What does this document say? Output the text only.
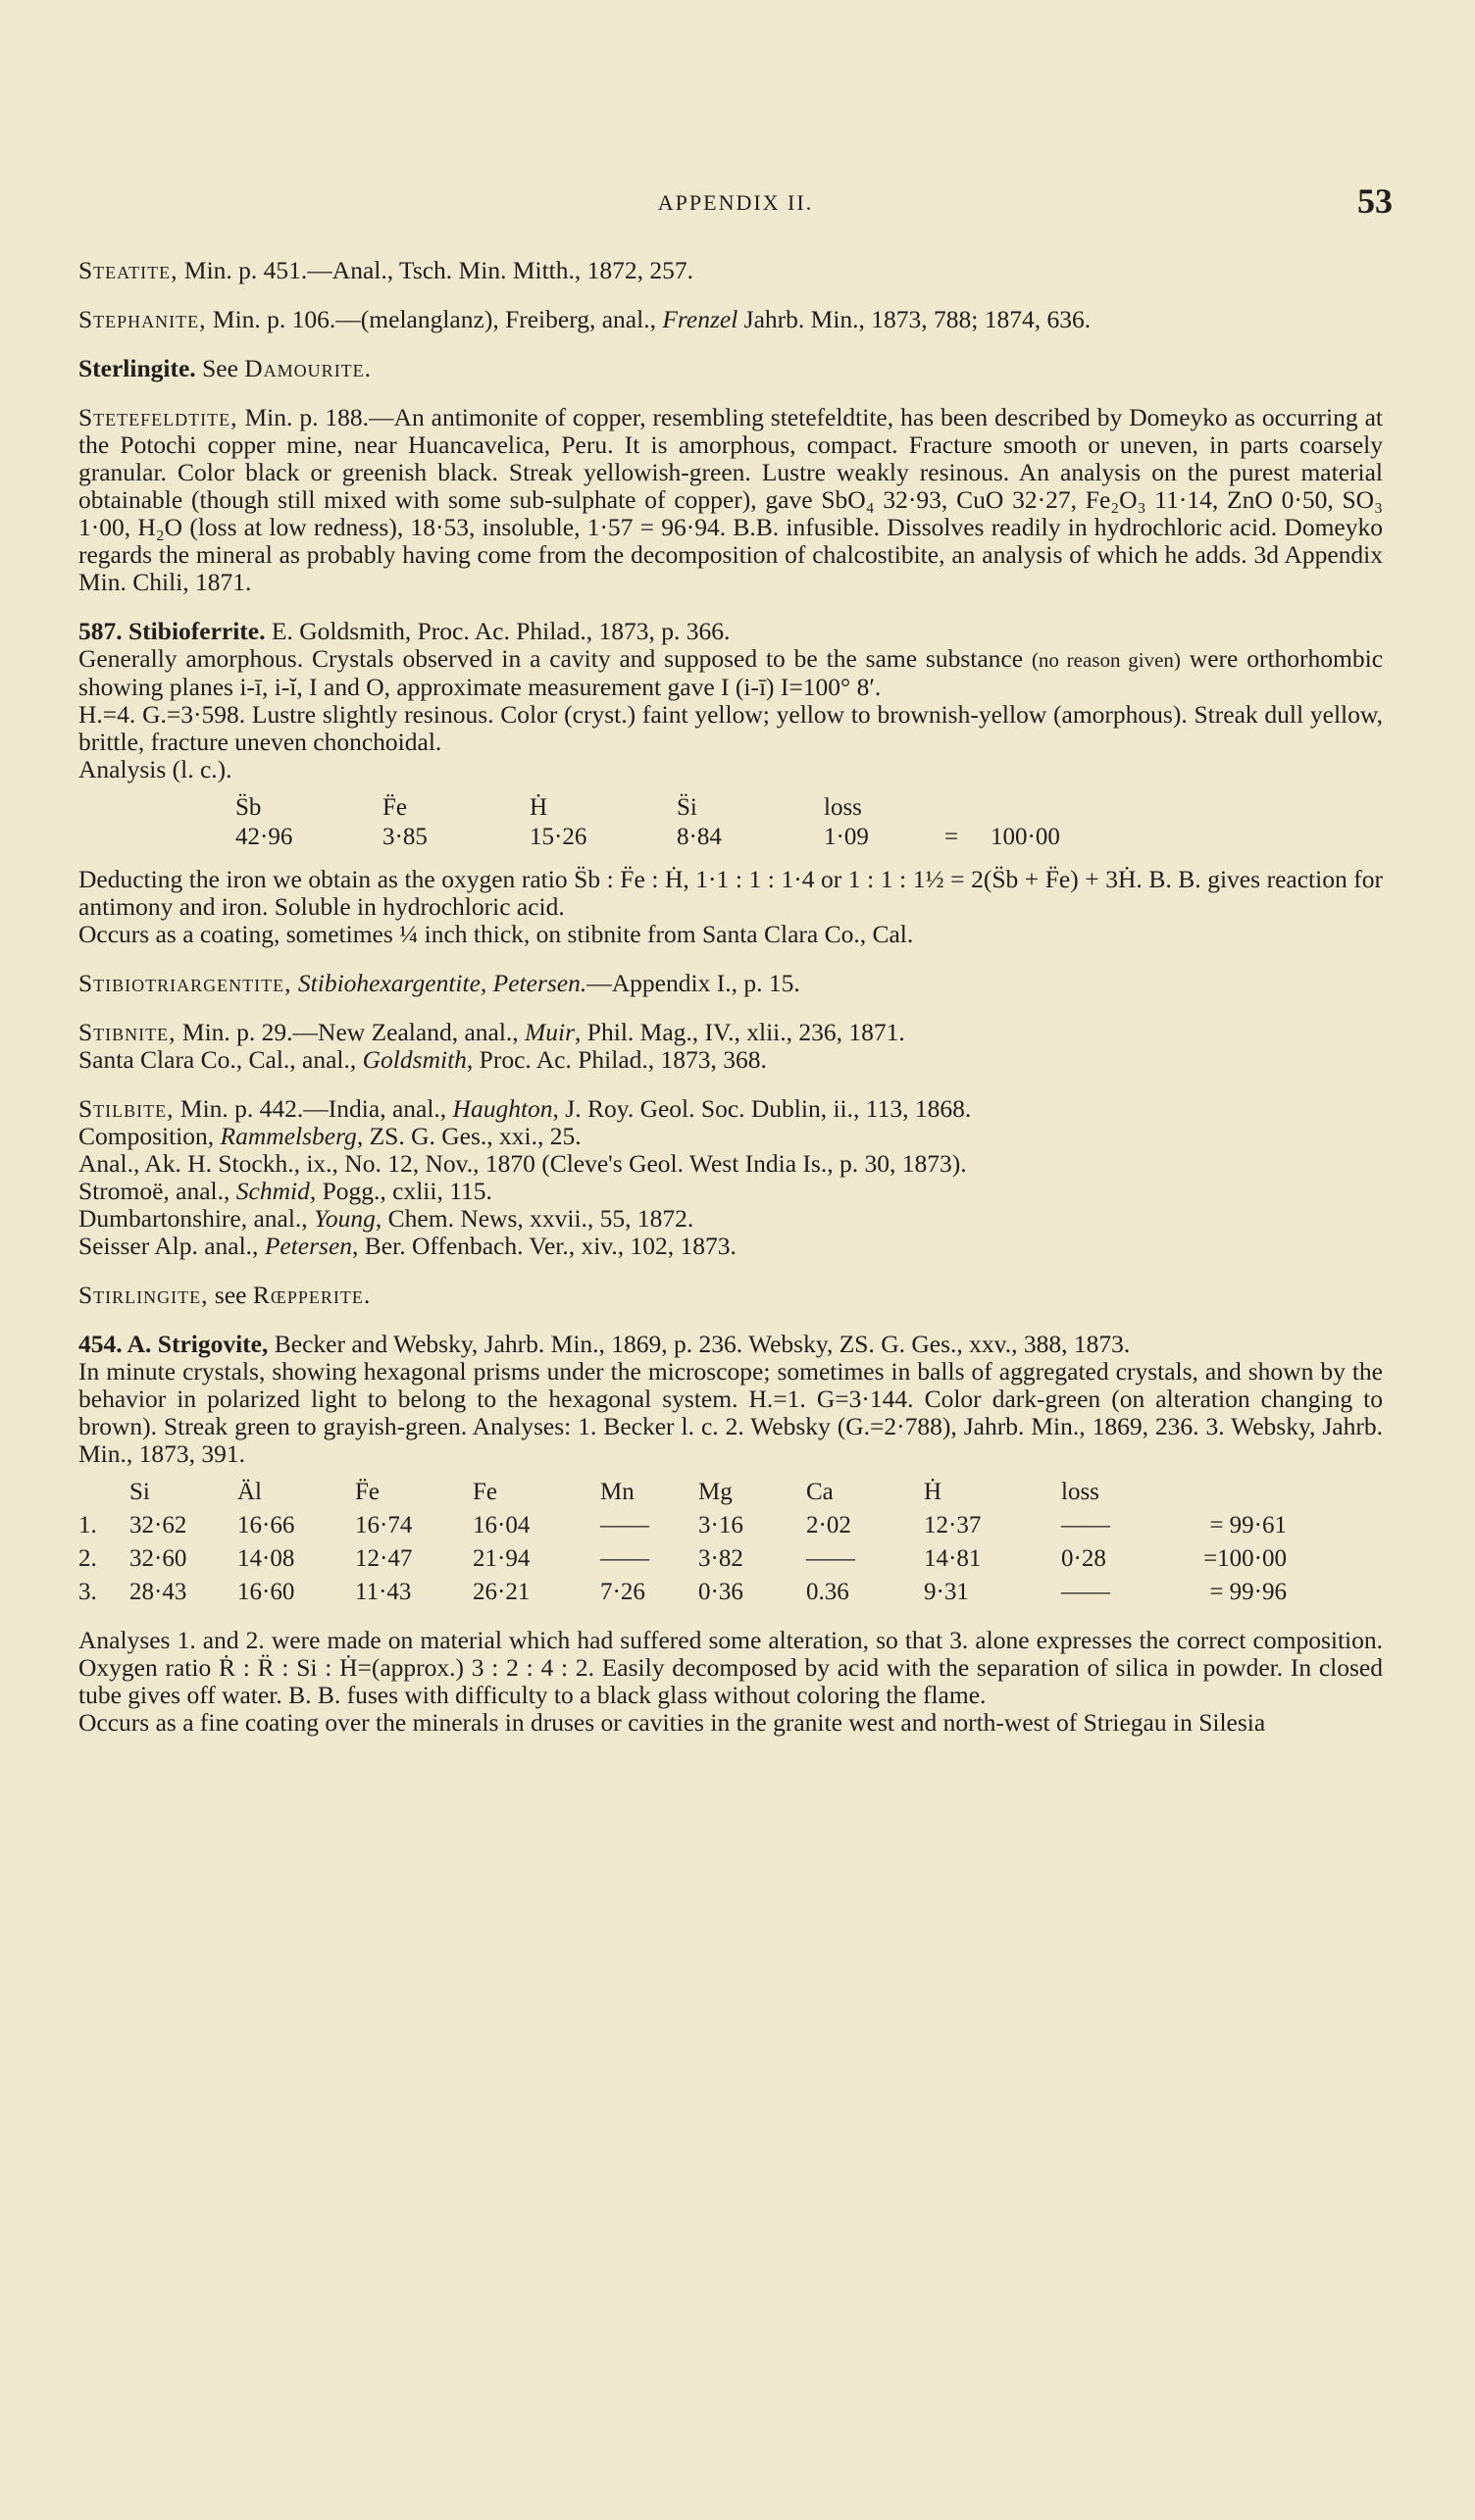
APPENDIX II.	53

Steatite, Min. p. 451.—Anal., Tsch. Min. Mitth., 1872, 257.

Stephanite, Min. p. 106.—(melanglanz), Freiberg, anal., Frenzel Jahrb. Min., 1873, 788; 1874, 636.

Sterlingite. See Damourite.

Stetefeldtite, Min. p. 188.—An antimonite of copper, resembling stetefeldtite, has been described by Domeyko as occurring at the Potochi copper mine, near Huancavelica, Peru. It is amorphous, compact. Fracture smooth or uneven, in parts coarsely granular. Color black or greenish black. Streak yellowish-green. Lustre weakly resinous. An analysis on the purest material obtainable (though still mixed with some sub-sulphate of copper), gave SbO₄ 32·93, CuO 32·27, Fe₂O₃ 11·14, ZnO 0·50, SO₃ 1·00, H₂O (loss at low redness), 18·53, insoluble, 1·57 = 96·94. B.B. infusible. Dissolves readily in hydrochloric acid. Domeyko regards the mineral as probably having come from the decomposition of chalcostibite, an analysis of which he adds. 3d Appendix Min. Chili, 1871.

587. Stibioferrite. E. Goldsmith, Proc. Ac. Philad., 1873, p. 366.

Generally amorphous. Crystals observed in a cavity and supposed to be the same substance (no reason given) were orthorhombic showing planes i-ī, i-ĭ, I and O, approximate measurement gave I (i-ī) I=100° 8′.

H.=4. G.=3·598. Lustre slightly resinous. Color (cryst.) faint yellow; yellow to brownish-yellow (amorphous). Streak dull yellow, brittle, fracture uneven chonchoidal.

Analysis (l. c.).

S̈b	F̈e	Ḣ	S̈i	loss
42·96	3·85	15·26	8·84	1·09	=	100·00

Deducting the iron we obtain as the oxygen ratio S̈b : F̈e : Ḣ, 1·1 : 1 : 1·4 or 1 : 1 : 1½ = 2(S̈b + F̈e) + 3Ḣ. B. B. gives reaction for antimony and iron. Soluble in hydrochloric acid.

Occurs as a coating, sometimes ¼ inch thick, on stibnite from Santa Clara Co., Cal.

Stibiotriargentite, Stibiohexargentite, Petersen.—Appendix I., p. 15.

Stibnite, Min. p. 29.—New Zealand, anal., Muir, Phil. Mag., IV., xlii., 236, 1871.

Santa Clara Co., Cal., anal., Goldsmith, Proc. Ac. Philad., 1873, 368.

Stilbite, Min. p. 442.—India, anal., Haughton, J. Roy. Geol. Soc. Dublin, ii., 113, 1868.

Composition, Rammelsberg, ZS. G. Ges., xxi., 25.

Anal., Ak. H. Stockh., ix., No. 12, Nov., 1870 (Cleve's Geol. West India Is., p. 30, 1873).

Stromoë, anal., Schmid, Pogg., cxlii, 115.

Dumbartonshire, anal., Young, Chem. News, xxvii., 55, 1872.

Seisser Alp. anal., Petersen, Ber. Offenbach. Ver., xiv., 102, 1873.

Stirlingite, see Rœpperite.

454. A. Strigovite, Becker and Websky, Jahrb. Min., 1869, p. 236. Websky, ZS. G. Ges., xxv., 388, 1873.

In minute crystals, showing hexagonal prisms under the microscope; sometimes in balls of aggregated crystals, and shown by the behavior in polarized light to belong to the hexagonal system. H.=1. G=3·144. Color dark-green (on alteration changing to brown). Streak green to grayish-green. Analyses: 1. Becker l. c. 2. Websky (G.=2·788), Jahrb. Min., 1869, 236. 3. Websky, Jahrb. Min., 1873, 391.

	Si	Äl	F̈e	Fe	Mn	Mg	Ca	Ḣ	loss	
1.	32·62	16·66	16·74	16·04	——	3·16	2·02	12·37	——	= 99·61
2.	32·60	14·08	12·47	21·94	——	3·82	——	14·81	0·28	=100·00
3.	28·43	16·60	11·43	26·21	7·26	0·36	0.36	9·31	——	= 99·96

Analyses 1. and 2. were made on material which had suffered some alteration, so that 3. alone expresses the correct composition. Oxygen ratio Ṙ : R̈ : Si : Ḣ=(approx.) 3 : 2 : 4 : 2. Easily decomposed by acid with the separation of silica in powder. In closed tube gives off water. B. B. fuses with difficulty to a black glass without coloring the flame.

Occurs as a fine coating over the minerals in druses or cavities in the granite west and north-west of Striegau in Silesia
